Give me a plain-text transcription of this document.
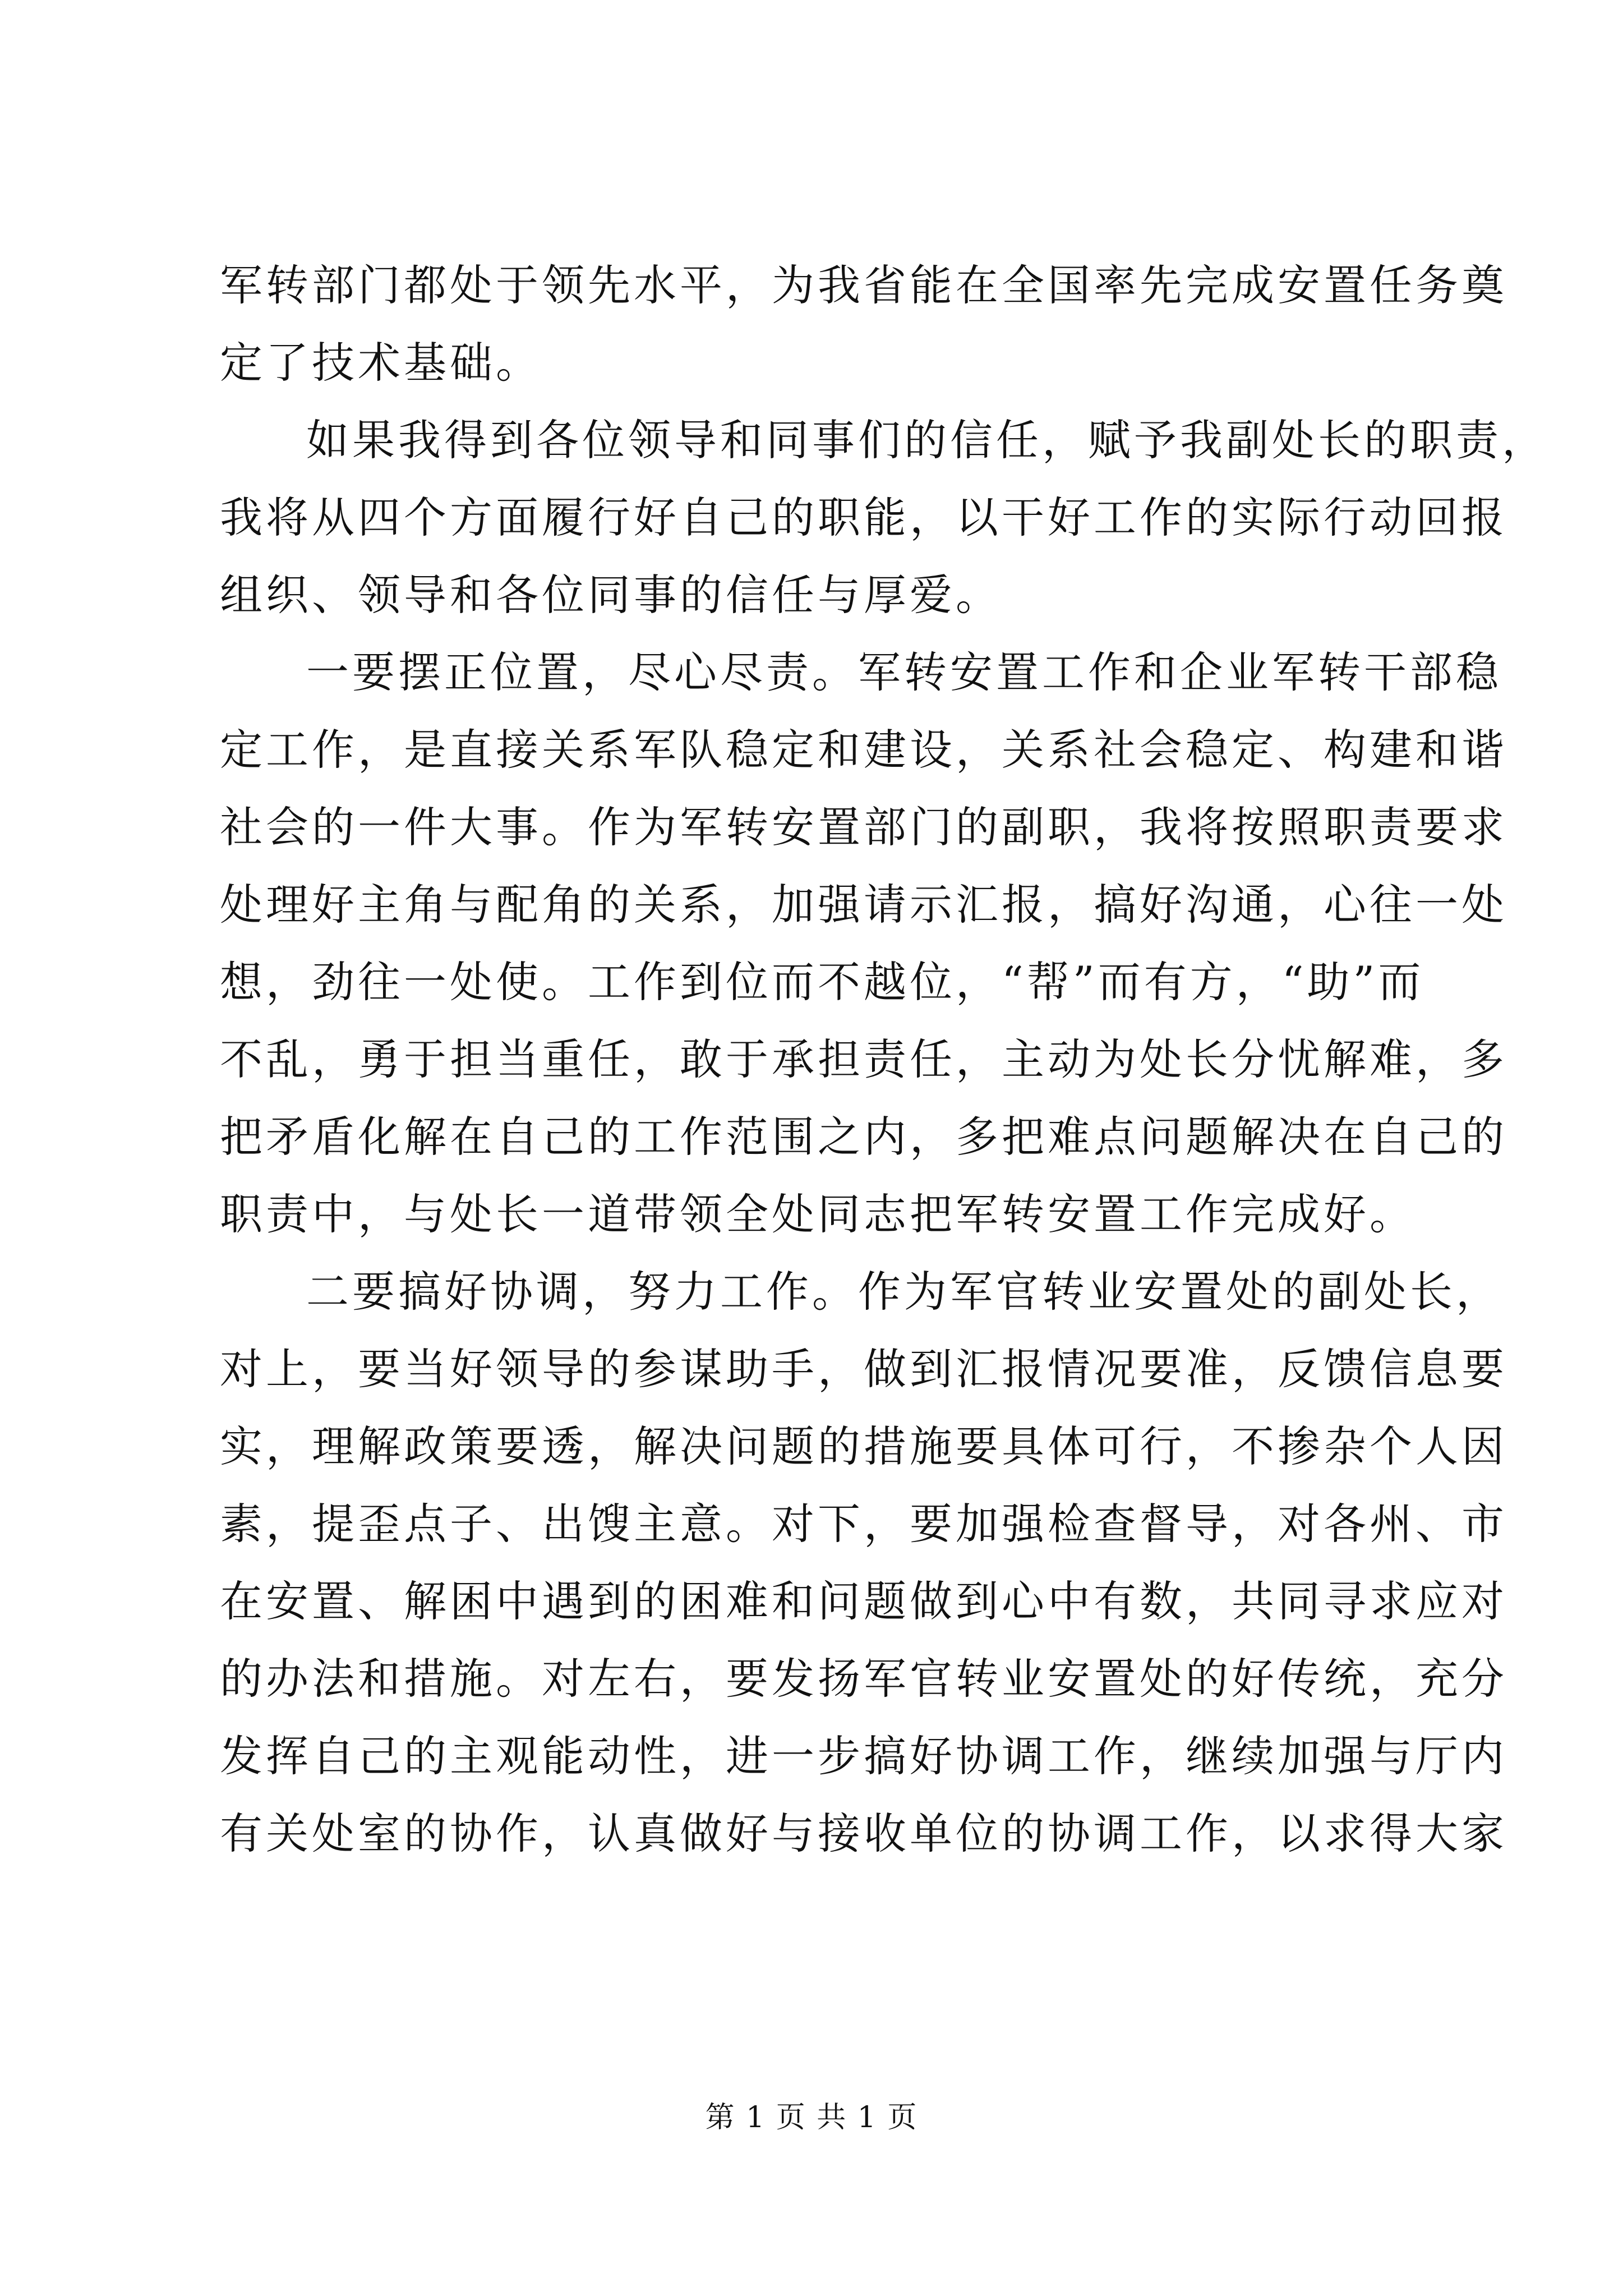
军转部门都处于领先水平，为我省能在全国率先完成安置任务奠
定了技术基础。
如果我得到各位领导和同事们的信任，赋予我副处长的职责，
我将从四个方面履行好自己的职能，以干好工作的实际行动回报
组织、领导和各位同事的信任与厚爱。
一要摆正位置，尽心尽责。军转安置工作和企业军转干部稳
定工作，是直接关系军队稳定和建设，关系社会稳定、构建和谐
社会的一件大事。作为军转安置部门的副职，我将按照职责要求
处理好主角与配角的关系，加强请示汇报，搞好沟通，心往一处
想，劲往一处使。工作到位而不越位，“帮”而有方，“助”而
不乱，勇于担当重任，敢于承担责任，主动为处长分忧解难，多
把矛盾化解在自己的工作范围之内，多把难点问题解决在自己的
职责中，与处长一道带领全处同志把军转安置工作完成好。
二要搞好协调，努力工作。作为军官转业安置处的副处长，
对上，要当好领导的参谋助手，做到汇报情况要准，反馈信息要
实，理解政策要透，解决问题的措施要具体可行，不掺杂个人因
素，提歪点子、出馊主意。对下，要加强检查督导，对各州、市
在安置、解困中遇到的困难和问题做到心中有数，共同寻求应对
的办法和措施。对左右，要发扬军官转业安置处的好传统，充分
发挥自己的主观能动性，进一步搞好协调工作，继续加强与厅内
有关处室的协作，认真做好与接收单位的协调工作，以求得大家
第 1 页 共 1 页
